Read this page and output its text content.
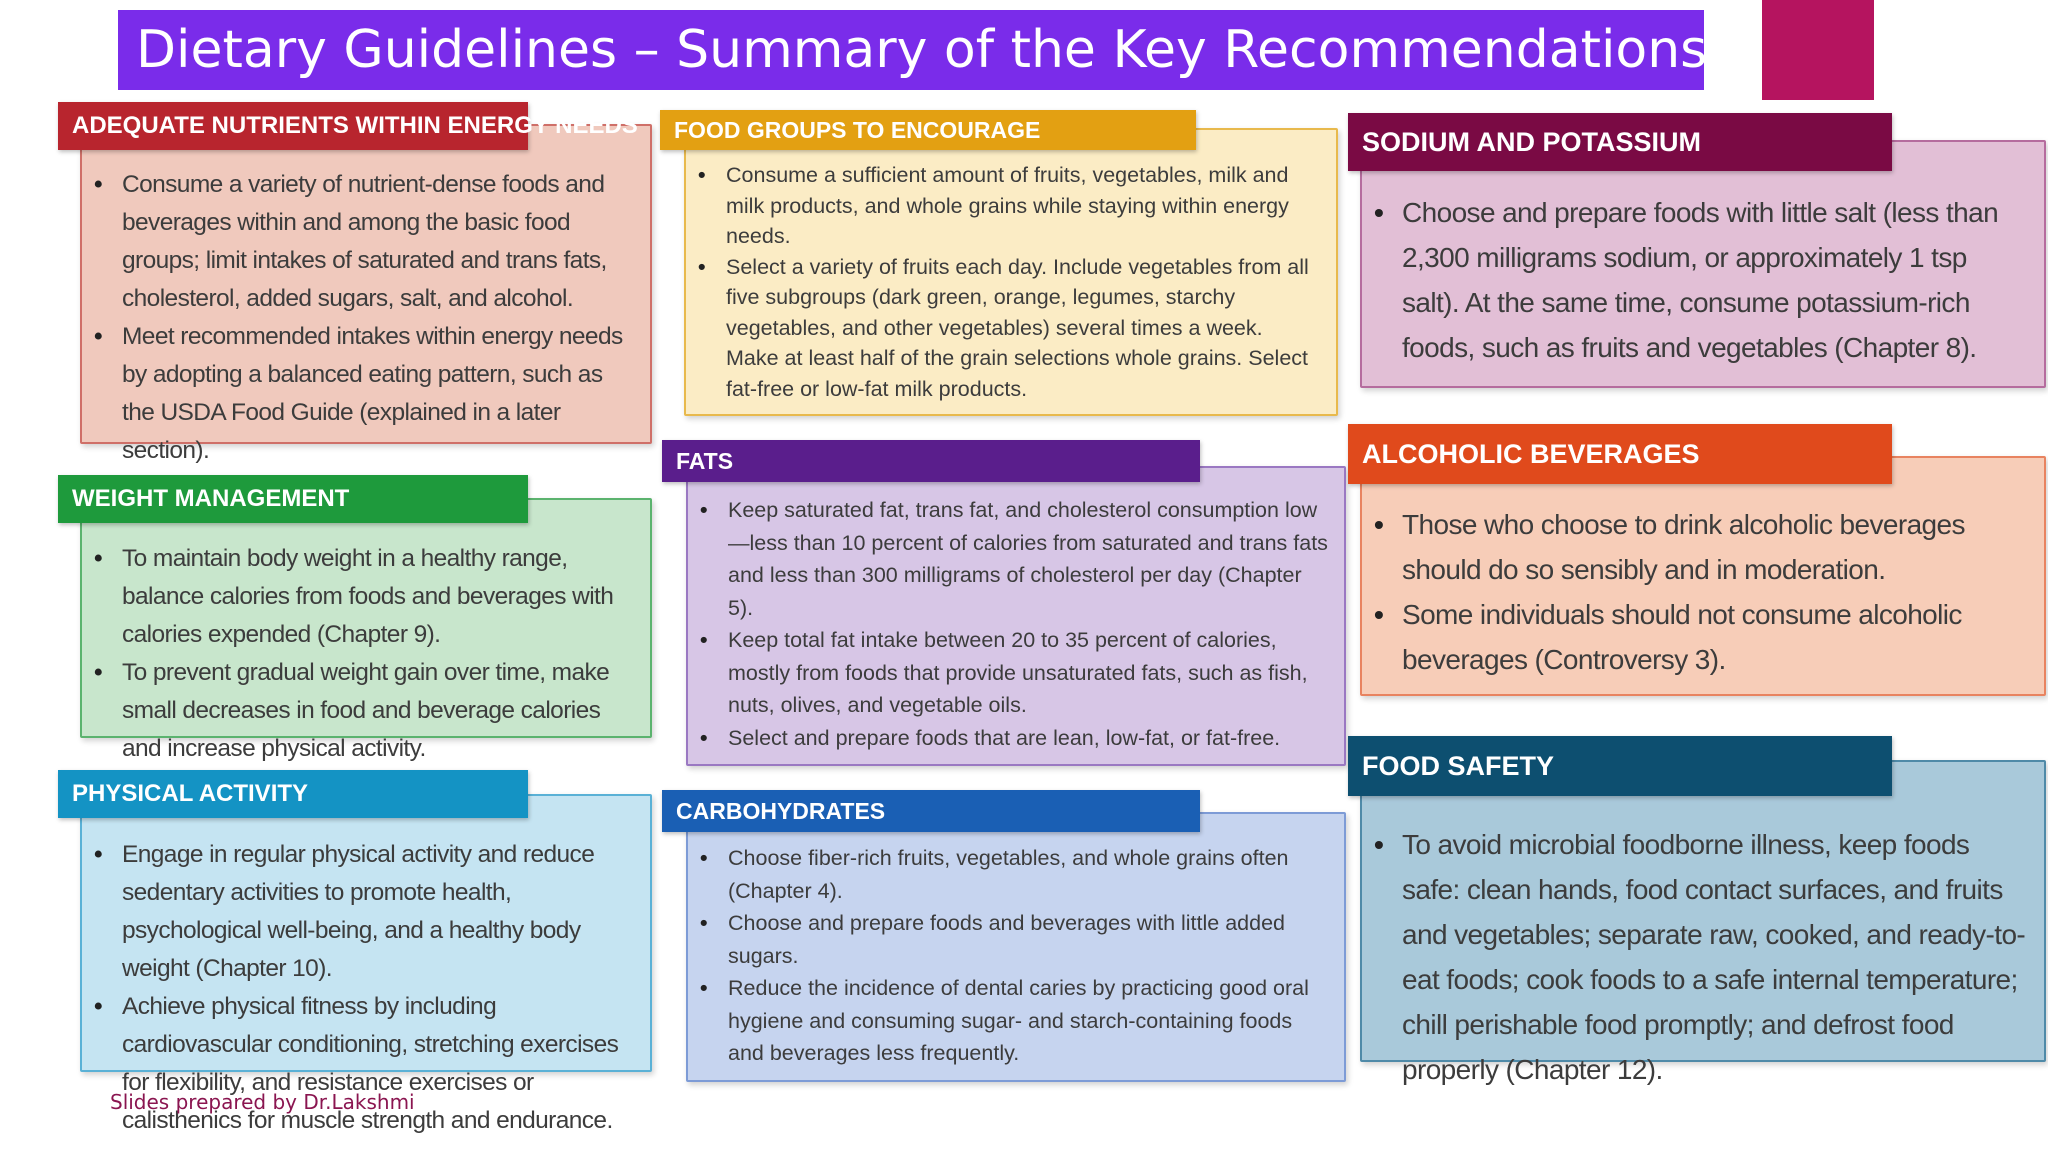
Dietary Guidelines – Summary of the Key Recommendations
• Consume a variety of nutrient-dense foods and beverages within and among the basic food groups; limit intakes of saturated and trans fats, cholesterol, added sugars, salt, and alcohol.
• Meet recommended intakes within energy needs by adopting a balanced eating pattern, such as the USDA Food Guide (explained in a later section).
ADEQUATE NUTRIENTS WITHIN ENERGY NEEDS
• To maintain body weight in a healthy range, balance calories from foods and beverages with calories expended (Chapter 9).
• To prevent gradual weight gain over time, make small decreases in food and beverage calories and increase physical activity.
WEIGHT MANAGEMENT
• Engage in regular physical activity and reduce sedentary activities to promote health, psychological well-being, and a healthy body weight (Chapter 10).
• Achieve physical fitness by including cardiovascular conditioning, stretching exercises for flexibility, and resistance exercises or calisthenics for muscle strength and endurance.
PHYSICAL ACTIVITY
• Consume a sufficient amount of fruits, vegetables, milk and milk products, and whole grains while staying within energy needs.
• Select a variety of fruits each day. Include vegetables from all five subgroups (dark green, orange, legumes, starchy vegetables, and other vegetables) several times a week. Make at least half of the grain selections whole grains. Select fat-free or low-fat milk products.
FOOD GROUPS TO ENCOURAGE
• Keep saturated fat, trans fat, and cholesterol consumption low—less than 10 percent of calories from saturated and trans fats and less than 300 milligrams of cholesterol per day (Chapter 5).
• Keep total fat intake between 20 to 35 percent of calories, mostly from foods that provide unsaturated fats, such as fish, nuts, olives, and vegetable oils.
• Select and prepare foods that are lean, low-fat, or fat-free.
FATS
• Choose fiber-rich fruits, vegetables, and whole grains often (Chapter 4).
• Choose and prepare foods and beverages with little added sugars.
• Reduce the incidence of dental caries by practicing good oral hygiene and consuming sugar- and starch-containing foods and beverages less frequently.
CARBOHYDRATES
• Choose and prepare foods with little salt (less than 2,300 milligrams sodium, or approximately 1 tsp salt). At the same time, consume potassium-rich foods, such as fruits and vegetables (Chapter 8).
SODIUM AND POTASSIUM
• Those who choose to drink alcoholic beverages should do so sensibly and in moderation.
• Some individuals should not consume alcoholic beverages (Controversy 3).
ALCOHOLIC BEVERAGES
• To avoid microbial foodborne illness, keep foods safe: clean hands, food contact surfaces, and fruits and vegetables; separate raw, cooked, and ready-to-eat foods; cook foods to a safe internal temperature; chill perishable food promptly; and defrost food properly (Chapter 12).
FOOD SAFETY
Slides prepared by Dr.Lakshmi
